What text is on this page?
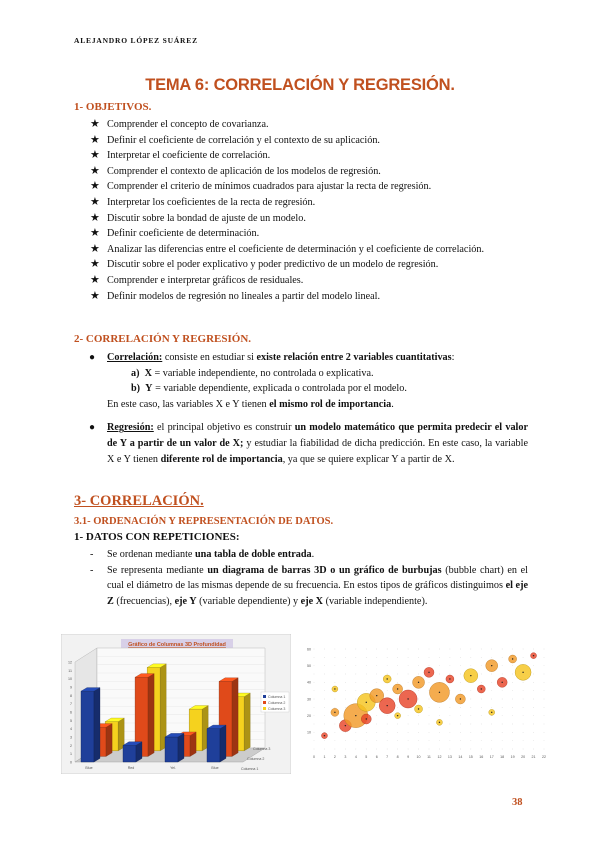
ALEJANDRO LÓPEZ SUÁREZ
TEMA 6: CORRELACIÓN Y REGRESIÓN.
1- OBJETIVOS.
★ Comprender el concepto de covarianza.
★ Definir el coeficiente de correlación y el contexto de su aplicación.
★ Interpretar el coeficiente de correlación.
★ Comprender el contexto de aplicación de los modelos de regresión.
★ Comprender el criterio de mínimos cuadrados para ajustar la recta de regresión.
★ Interpretar los coeficientes de la recta de regresión.
★ Discutir sobre la bondad de ajuste de un modelo.
★ Definir coeficiente de determinación.
★ Analizar las diferencias entre el coeficiente de determinación y el coeficiente de correlación.
★ Discutir sobre el poder explicativo y poder predictivo de un modelo de regresión.
★ Comprender e interpretar gráficos de residuales.
★ Definir modelos de regresión no lineales a partir del modelo lineal.
2- CORRELACIÓN Y REGRESIÓN.
● Correlación: consiste en estudiar si existe relación entre 2 variables cuantitativas:
a) X = variable independiente, no controlada o explicativa.
b) Y = variable dependiente, explicada o controlada por el modelo.
En este caso, las variables X e Y tienen el mismo rol de importancia.
● Regresión: el principal objetivo es construir un modelo matemático que permita predecir el valor de Y a partir de un valor de X; y estudiar la fiabilidad de dicha predicción. En este caso, la variable X e Y tienen diferente rol de importancia, ya que se quiere explicar Y a partir de X.
3- CORRELACIÓN.
3.1- ORDENACIÓN Y REPRESENTACIÓN DE DATOS.
1- DATOS CON REPETICIONES:
- Se ordenan mediante una tabla de doble entrada.
- Se representa mediante un diagrama de barras 3D o un gráfico de burbujas (bubble chart) en el cual el diámetro de las mismas depende de su frecuencia. En estos tipos de gráficos distinguimos el eje Z (frecuencias), eje Y (variable dependiente) y eje X (variable independiente).
Gráfico de Columnas 3D Profundidad
0
1
2
3
4
5
6
7
8
9
10
11
12
Blue	Red	Yel.	Blue	Columna 1
Columna 2
Columna 3
Columna 1
Columna 2
Columna 3
60
50
40
30
20
10
0 1 2 3 4 5 6 7 8 9 10 11 12 13 14 15 16 17 18 19 20 21 22
38
